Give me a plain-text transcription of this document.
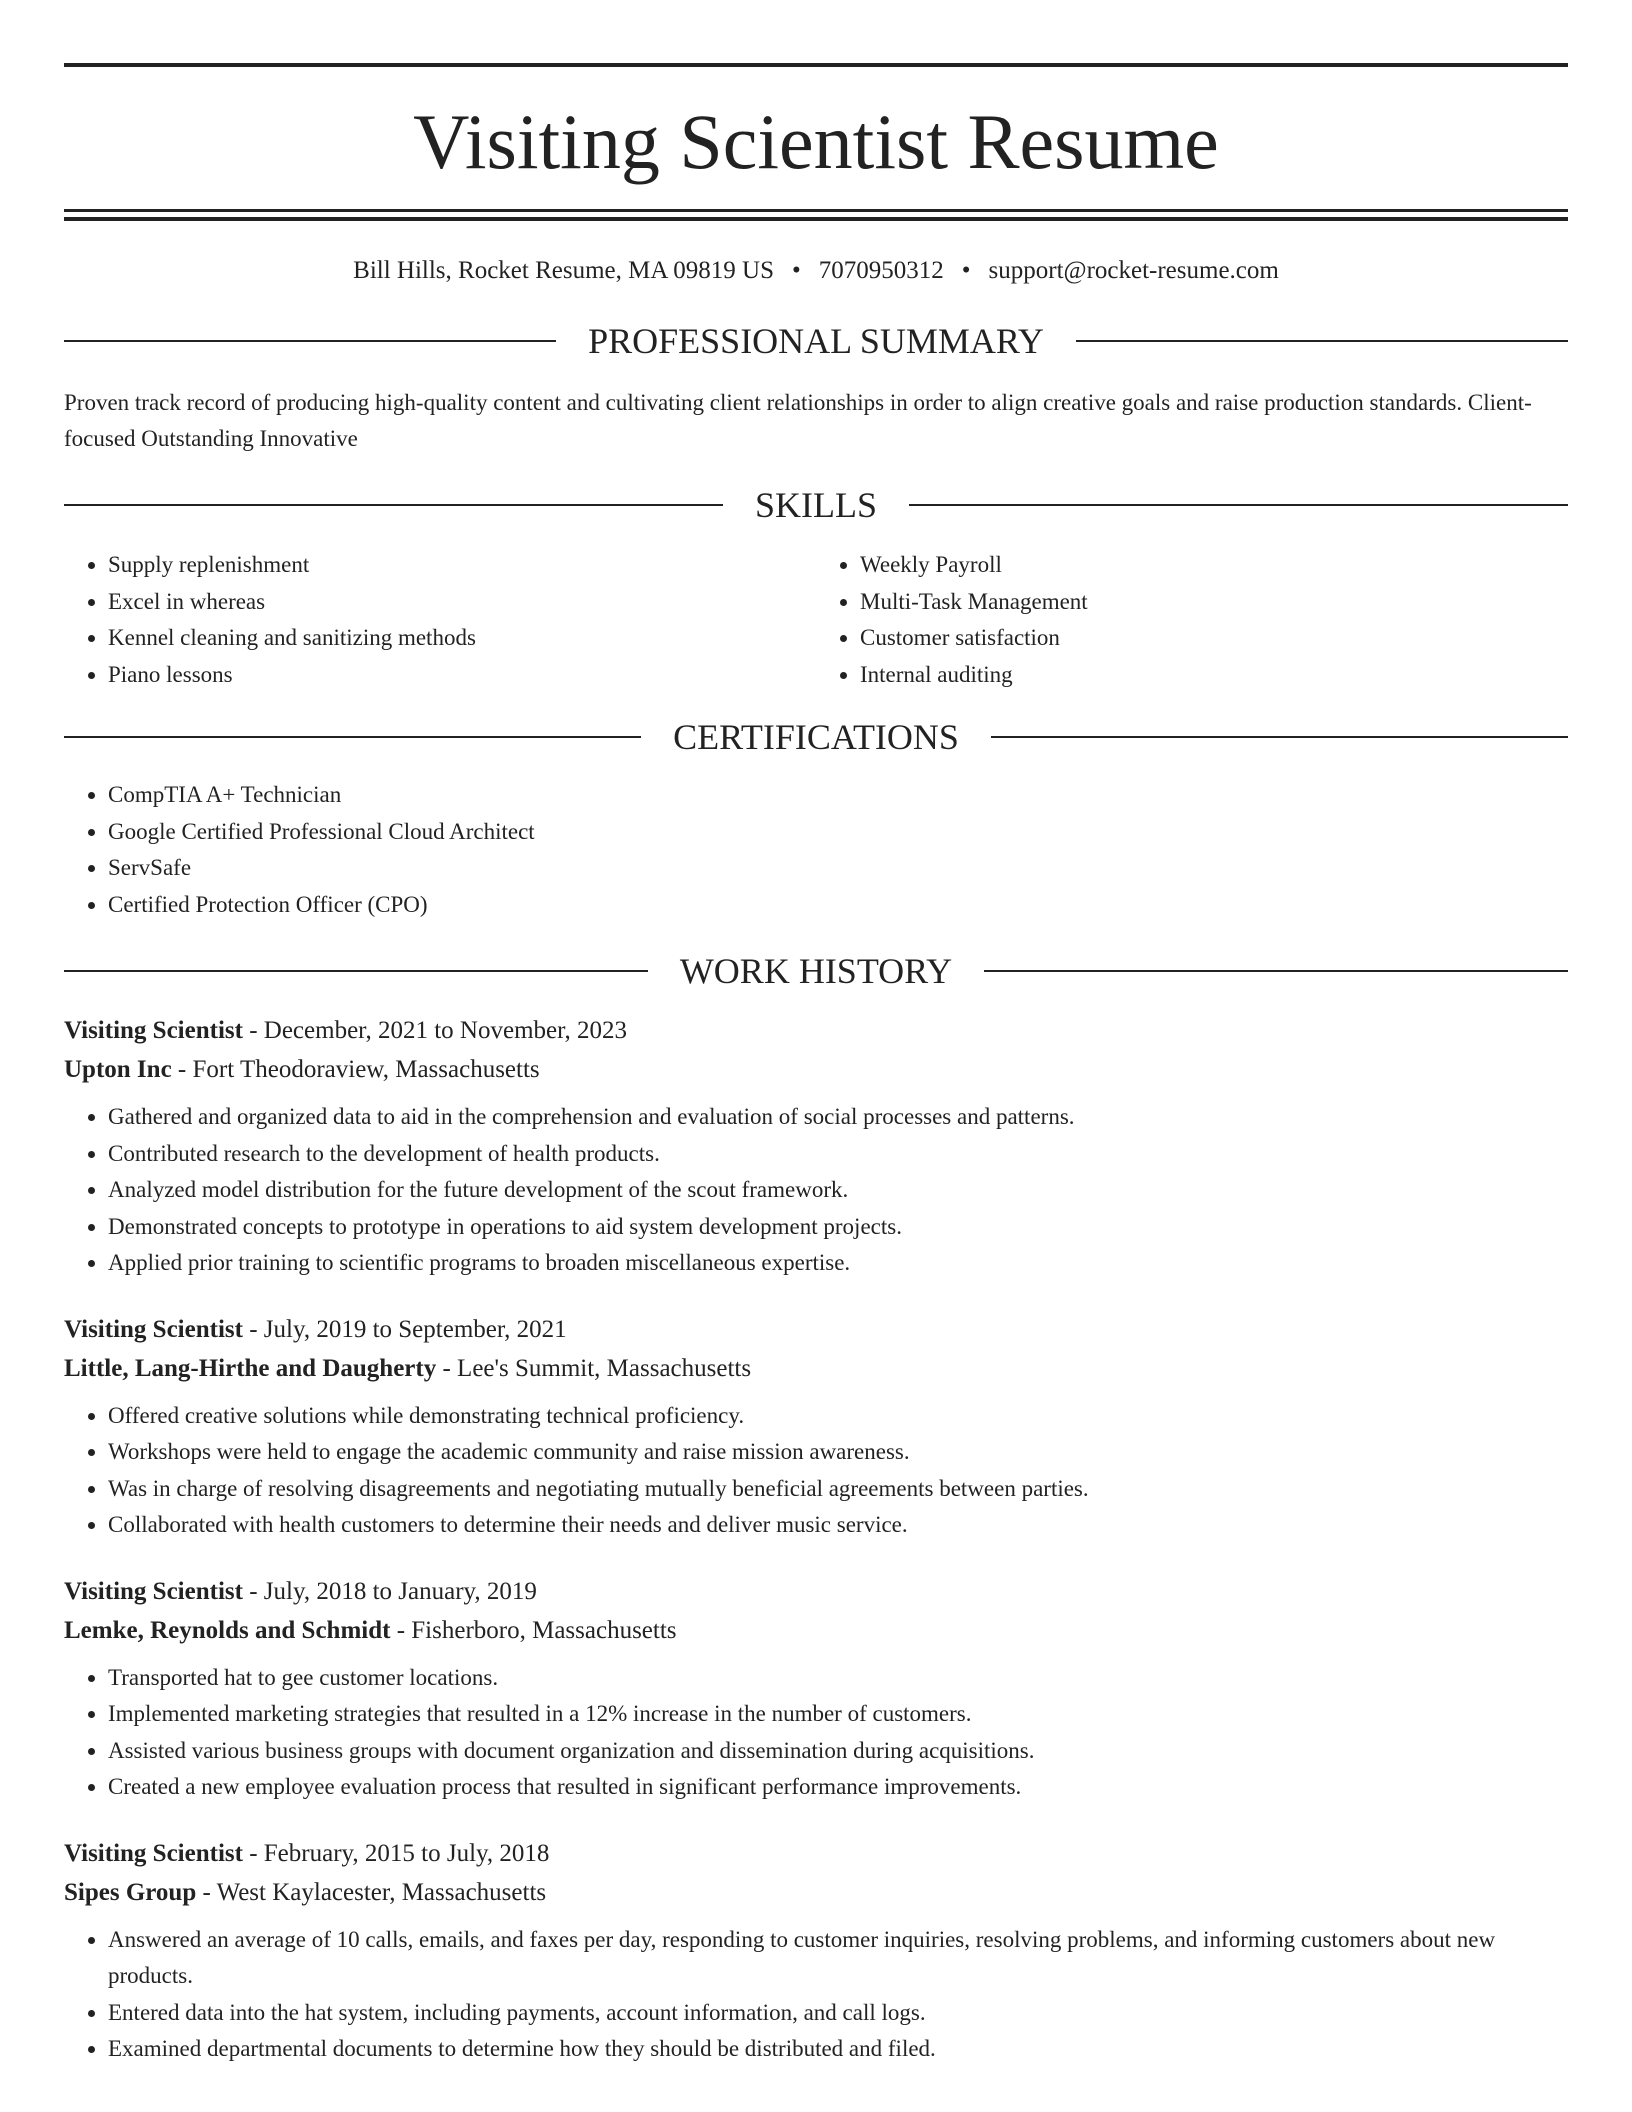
Visiting Scientist Resume
Bill Hills, Rocket Resume, MA 09819 US • 7070950312 • support@rocket-resume.com
PROFESSIONAL SUMMARY

Proven track record of producing high-quality content and cultivating client relationships in order to align creative goals and raise production standards. Client-focused Outstanding Innovative

SKILLS
• Supply replenishment
• Excel in whereas
• Kennel cleaning and sanitizing methods
• Piano lessons
• Weekly Payroll
• Multi-Task Management
• Customer satisfaction
• Internal auditing
CERTIFICATIONS
• CompTIA A+ Technician
• Google Certified Professional Cloud Architect
• ServSafe
• Certified Protection Officer (CPO)
WORK HISTORY
Visiting Scientist - December, 2021 to November, 2023
Upton Inc - Fort Theodoraview, Massachusetts
• Gathered and organized data to aid in the comprehension and evaluation of social processes and patterns.
• Contributed research to the development of health products.
• Analyzed model distribution for the future development of the scout framework.
• Demonstrated concepts to prototype in operations to aid system development projects.
• Applied prior training to scientific programs to broaden miscellaneous expertise.
Visiting Scientist - July, 2019 to September, 2021
Little, Lang-Hirthe and Daugherty - Lee's Summit, Massachusetts
• Offered creative solutions while demonstrating technical proficiency.
• Workshops were held to engage the academic community and raise mission awareness.
• Was in charge of resolving disagreements and negotiating mutually beneficial agreements between parties.
• Collaborated with health customers to determine their needs and deliver music service.
Visiting Scientist - July, 2018 to January, 2019
Lemke, Reynolds and Schmidt - Fisherboro, Massachusetts
• Transported hat to gee customer locations.
• Implemented marketing strategies that resulted in a 12% increase in the number of customers.
• Assisted various business groups with document organization and dissemination during acquisitions.
• Created a new employee evaluation process that resulted in significant performance improvements.
Visiting Scientist - February, 2015 to July, 2018
Sipes Group - West Kaylacester, Massachusetts
• Answered an average of 10 calls, emails, and faxes per day, responding to customer inquiries, resolving problems, and informing customers about new products.
• Entered data into the hat system, including payments, account information, and call logs.
• Examined departmental documents to determine how they should be distributed and filed.
